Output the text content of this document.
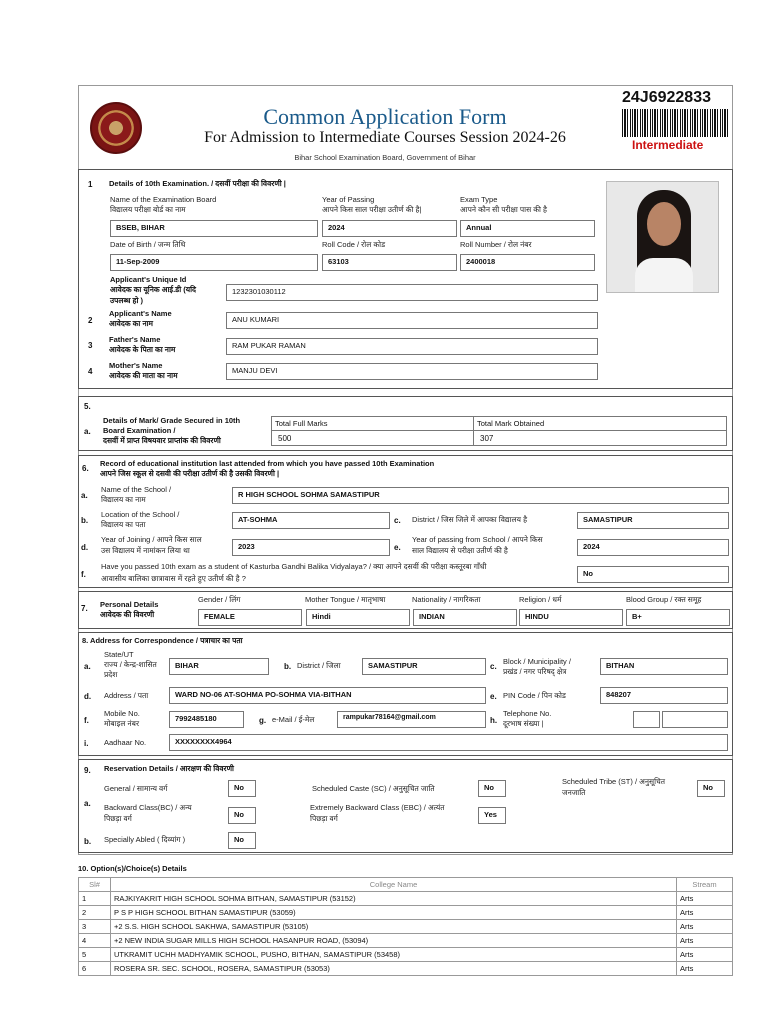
Common Application Form
For Admission to Intermediate Courses Session 2024-26
Bihar School Examination Board, Government of Bihar
24J6922833
Intermediate
1 Details of 10th Examination. / दसवीं परीक्षा की विवरणी |
Name of the Examination Board
विद्यालय परीक्षा बोर्ड का नाम
BSEB, BIHAR
Year of Passing
आपने किस साल परीक्षा उतीर्ण की है|
2024
Exam Type
आपने कौन सी परीक्षा पास की है
Annual
Date of Birth / जन्म तिथि
11-Sep-2009
Roll Code / रोल कोड
63103
Roll Number / रोल नंबर
2400018
Applicant's Unique Id
आवेदक का यूनिक आई.डी (यदि
उपलब्ध हो )
1232301030112
2
Applicant's Name
आवेदक का नाम	ANU KUMARI
3
Father's Name
आवेदक के पिता का नाम	RAM PUKAR RAMAN
4
Mother's Name
आवेदक की माता का नाम
MANJU DEVI
5.
a.
Details of Mark/ Grade Secured in 10th
Board Examination /
दसवीं में प्राप्त विषयवार प्राप्तांक की विवरणी
Total Full Marks	Total Mark Obtained
500	307
6.
Record of educational institution last attended from which you have passed 10th Examination
आपने जिस स्कूल से दसवी की परीक्षा उतीर्ण की है उसकी विवरणी |
a.
Name of the School /
विद्यालय का नाम
R HIGH SCHOOL SOHMA SAMASTIPUR
b.
Location of the School /
विद्यालय का पता
AT-SOHMA	c. District / जिस जिले में आपका विद्यालय है	SAMASTIPUR
d.
Year of Joining / आपने किस साल
उस विद्यालय में नामांकन लिया था	2023	e.
Year of passing from School / आपने किस
साल विद्यालय से परीक्षा उतीर्ण की है	2024
f.
Have you passed 10th exam as a student of Kasturba Gandhi Balika Vidyalaya? / क्या आपने दसवीं की परीक्षा कस्तूरबा गाँधी
आवासीय बालिका छात्रावास में रहते हुए उतीर्ण की है ?
No
7. Personal Details
आवेदक की विवरणी
Gender / लिंग
FEMALE
Mother Tongue / मातृभाषा
Hindi
Nationality / नागरिकता
INDIAN
Religion / धर्म
HINDU
Blood Group / रक्त समूह
B+
8. Address for Correspondence / पत्राचार का पता
a.
State/UT
राज्य / केन्द्र-शासित
प्रदेश
BIHAR	b. District / जिला	SAMASTIPUR	c.
Block / Municipality /
प्रखंड / नगर परिषद् क्षेत्र
BITHAN
d. Address / पता	WARD NO-06 AT-SOHMA PO-SOHMA VIA-BITHAN	e. PIN Code / पिन कोड	848207
f.
Mobile No.
मोबाइल नंबर
7992485180	g. e-Mail / ई-मेल	rampukar78164@gmail.com	h.
Telephone No.
दूरभाष संख्या |
i. Aadhaar No.	XXXXXXXX4964
9. Reservation Details / आरक्षण की विवरणी
a.
General / सामान्य वर्ग	No	Scheduled Caste (SC) / अनुसूचित जाति	No
Scheduled Tribe (ST) / अनुसूचित
जनजाति
No
Backward Class(BC) / अन्य
पिछड़ा वर्ग	No
Extremely Backward Class (EBC) / अत्यंत
पिछड़ा वर्ग	Yes
b. Specially Abled ( दिव्यांग )	No
10. Option(s)/Choice(s) Details
Sl#	College Name	Stream
1	RAJKIYAKRIT HIGH SCHOOL SOHMA BITHAN, SAMASTIPUR (53152)	Arts
2	P S P HIGH SCHOOL BITHAN SAMASTIPUR (53059)	Arts
3	+2 S.S. HIGH SCHOOL SAKHWA, SAMASTIPUR (53105)	Arts
4	+2 NEW INDIA SUGAR MILLS HIGH SCHOOL HASANPUR ROAD, (53094)	Arts
5	UTKRAMIT UCHH MADHYAMIK SCHOOL, PUSHO, BITHAN, SAMASTIPUR (53458)	Arts
6	ROSERA SR. SEC. SCHOOL, ROSERA, SAMASTIPUR (53053)	Arts
